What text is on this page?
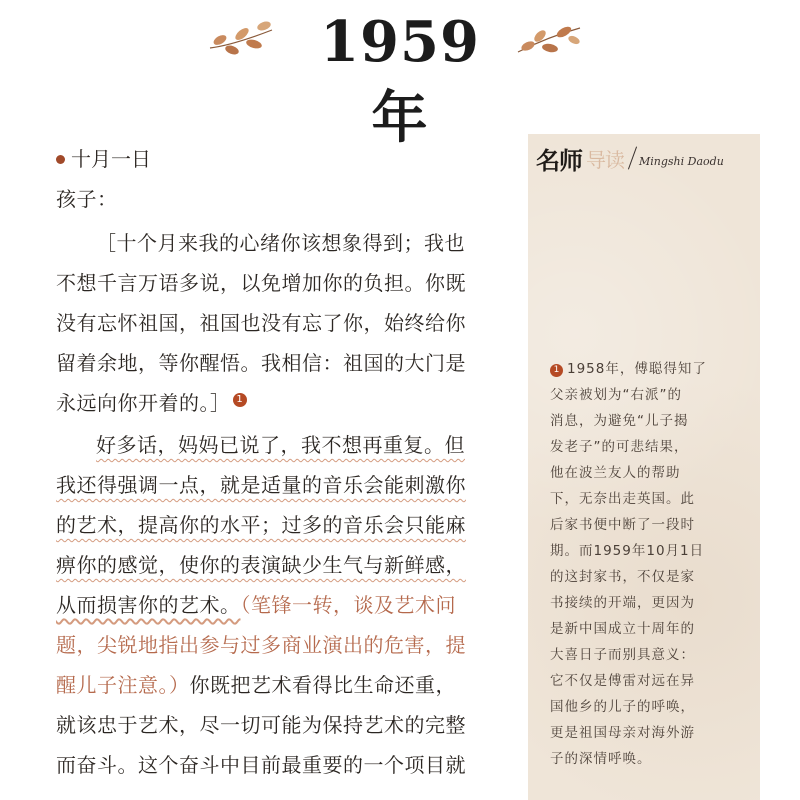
1959年
十月一日
孩子：
［十个月来我的心绪你该想象得到；我也
不想千言万语多说，以免增加你的负担。你既
没有忘怀祖国，祖国也没有忘了你，始终给你
留着余地，等你醒悟。我相信：祖国的大门是
永远向你开着的。］ 1
好多话，妈妈已说了，我不想再重复。但
我还得强调一点，就是适量的音乐会能刺激你
的艺术，提高你的水平；过多的音乐会只能麻
痹你的感觉，使你的表演缺少生气与新鲜感，
从而损害你的艺术。（笔锋一转，谈及艺术问
题，尖锐地指出参与过多商业演出的危害，提
醒儿子注意。）你既把艺术看得比生命还重，
就该忠于艺术，尽一切可能为保持艺术的完整
而奋斗。这个奋斗中目前最重要的一个项目就
名师 导读 Mingshi Daodu
1 1958年，傅聪得知了
父亲被划为“右派”的
消息，为避免“儿子揭
发老子”的可悲结果，
他在波兰友人的帮助
下，无奈出走英国。此
后家书便中断了一段时
期。而1959年10月1日
的这封家书，不仅是家
书接续的开端，更因为
是新中国成立十周年的
大喜日子而别具意义：
它不仅是傅雷对远在异
国他乡的儿子的呼唤，
更是祖国母亲对海外游
子的深情呼唤。
